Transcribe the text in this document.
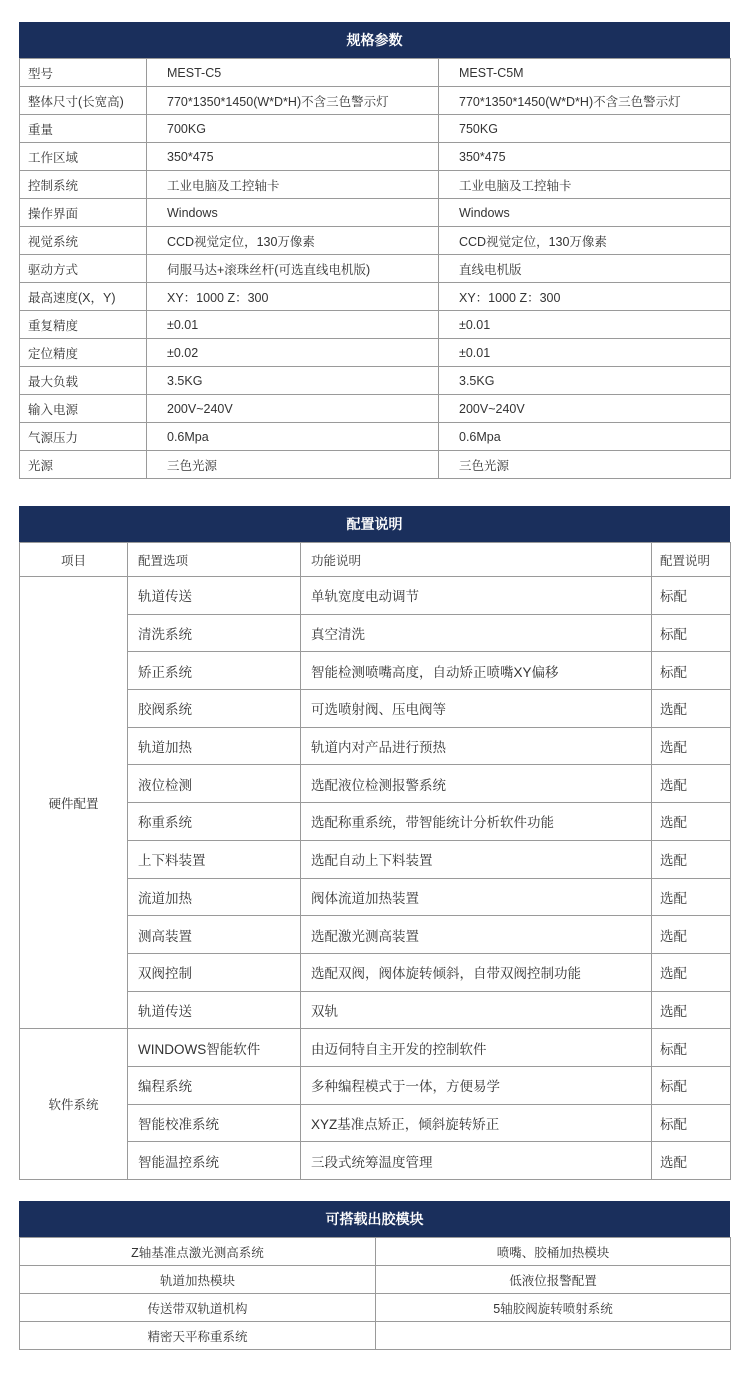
规格参数
型号	MEST-C5	MEST-C5M
整体尺寸(长宽高)	770*1350*1450(W*D*H)不含三色警示灯	770*1350*1450(W*D*H)不含三色警示灯
重量	700KG	750KG
工作区域	350*475	350*475
控制系统	工业电脑及工控轴卡	工业电脑及工控轴卡
操作界面	Windows	Windows
视觉系统	CCD视觉定位，130万像素	CCD视觉定位，130万像素
驱动方式	伺服马达+滚珠丝杆(可选直线电机版)	直线电机版
最高速度(X，Y)	XY：1000 Z：300	XY：1000 Z：300
重复精度	±0.01	±0.01
定位精度	±0.02	±0.01
最大负载	3.5KG	3.5KG
输入电源	200V~240V	200V~240V
气源压力	0.6Mpa	0.6Mpa
光源	三色光源	三色光源
配置说明
项目	配置选项	功能说明	配置说明
硬件配置	轨道传送	单轨宽度电动调节	标配
	清洗系统	真空清洗	标配
	矫正系统	智能检测喷嘴高度，自动矫正喷嘴XY偏移	标配
	胶阀系统	可选喷射阀、压电阀等	选配
	轨道加热	轨道内对产品进行预热	选配
	液位检测	选配液位检测报警系统	选配
	称重系统	选配称重系统，带智能统计分析软件功能	选配
	上下料装置	选配自动上下料装置	选配
	流道加热	阀体流道加热装置	选配
	测高装置	选配激光测高装置	选配
	双阀控制	选配双阀，阀体旋转倾斜，自带双阀控制功能	选配
	轨道传送	双轨	选配
软件系统	WINDOWS智能软件	由迈伺特自主开发的控制软件	标配
	编程系统	多种编程模式于一体，方便易学	标配
	智能校准系统	XYZ基准点矫正，倾斜旋转矫正	标配
	智能温控系统	三段式统筹温度管理	选配
可搭载出胶模块
Z轴基准点激光测高系统	喷嘴、胶桶加热模块
轨道加热模块	低液位报警配置
传送带双轨道机构	5轴胶阀旋转喷射系统
精密天平称重系统	
